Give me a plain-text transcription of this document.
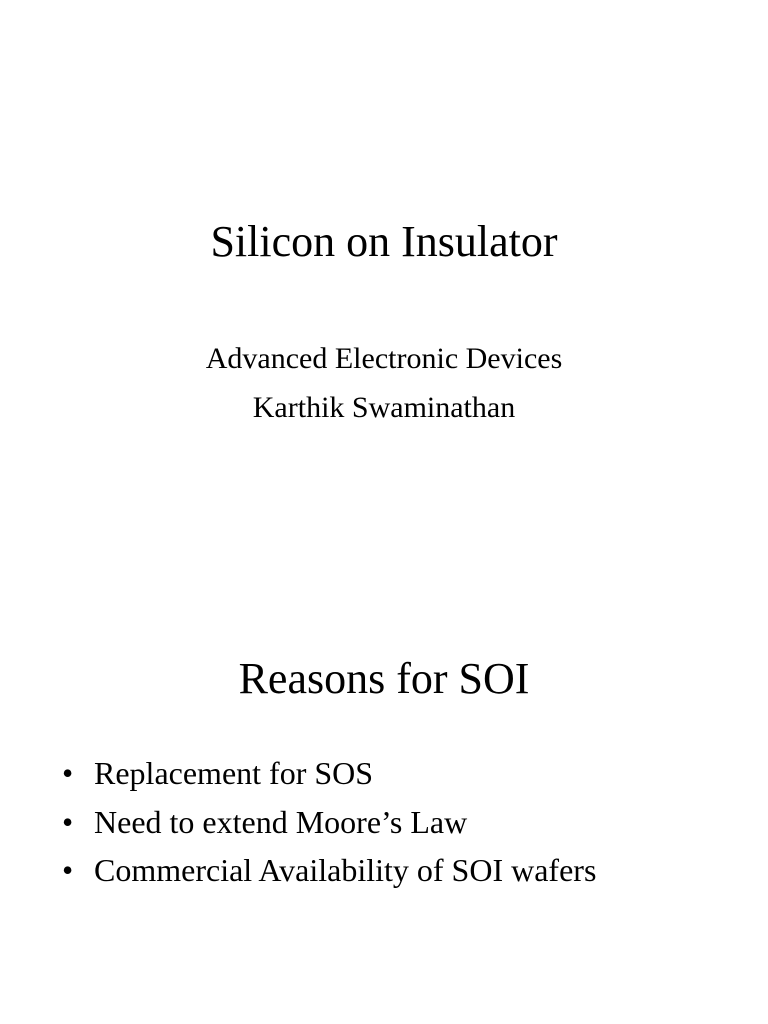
Silicon on Insulator
Advanced Electronic Devices
Karthik Swaminathan
Reasons for SOI
• Replacement for SOS
• Need to extend Moore’s Law
• Commercial Availability of SOI wafers
